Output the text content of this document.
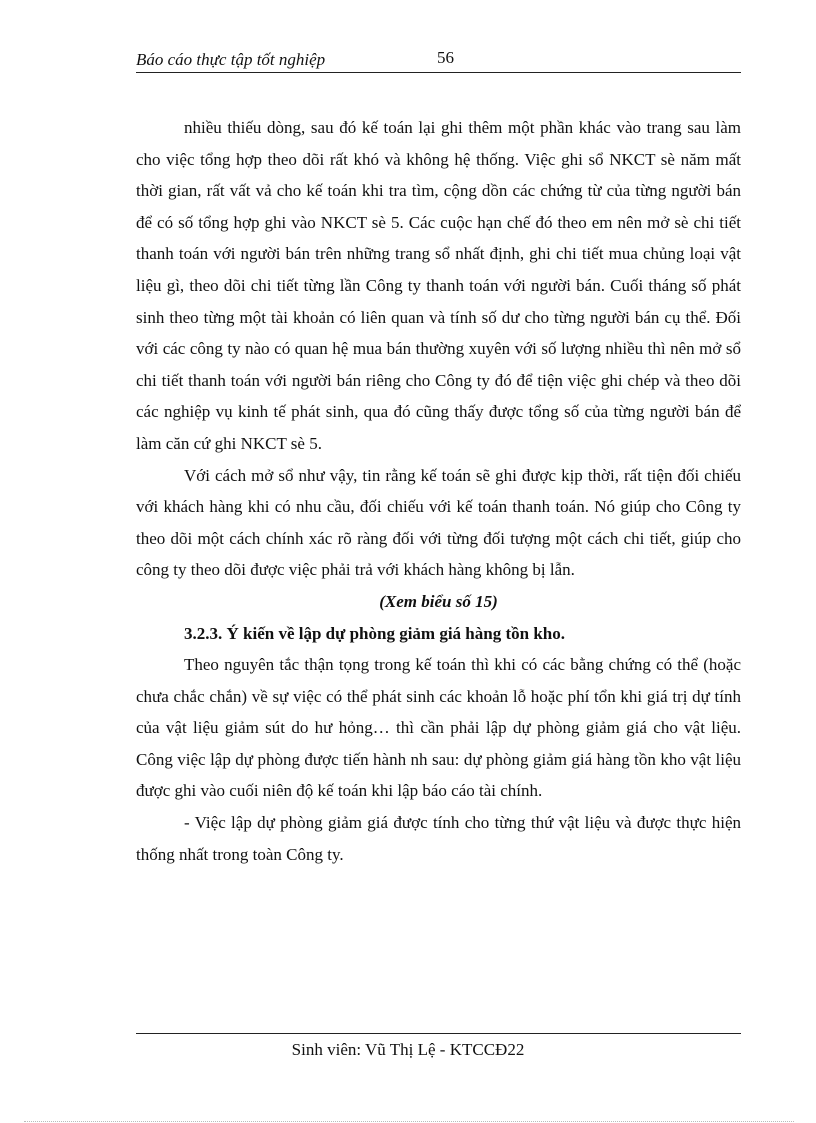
Báo cáo thực tập tốt nghiệp	56

nhiều thiếu dòng, sau đó kế toán lại ghi thêm một phần khác vào trang sau làm cho việc tổng hợp theo dõi rất khó và không hệ thống. Việc ghi sổ NKCT sè năm mất thời gian, rất vất vả cho kế toán khi tra tìm, cộng dồn các chứng từ của từng người bán để có số tổng hợp ghi vào NKCT sè 5. Các cuộc hạn chế đó theo em nên mở sè chi tiết thanh toán với người bán trên những trang sổ nhất định, ghi chi tiết mua chủng loại vật liệu gì, theo dõi chi tiết từng lần Công ty thanh toán với người bán. Cuối tháng số phát sinh theo từng một tài khoản có liên quan và tính số dư cho từng người bán cụ thể. Đối với các công ty nào có quan hệ mua bán thường xuyên với số lượng nhiều thì nên mở sổ chi tiết thanh toán với người bán riêng cho Công ty đó để tiện việc ghi chép và theo dõi các nghiệp vụ kinh tế phát sinh, qua đó cũng thấy được tổng số của từng người bán để làm căn cứ ghi NKCT sè 5.

Với cách mở sổ như vậy, tin rằng kế toán sẽ ghi được kịp thời, rất tiện đối chiếu với khách hàng khi có nhu cầu, đối chiếu với kế toán thanh toán. Nó giúp cho Công ty theo dõi một cách chính xác rõ ràng đối với từng đối tượng một cách chi tiết, giúp cho công ty theo dõi được việc phải trả với khách hàng không bị lẫn.

(Xem biểu số 15)

3.2.3. Ý kiến về lập dự phòng giảm giá hàng tồn kho.

Theo nguyên tắc thận tọng trong kế toán thì khi có các bằng chứng có thể (hoặc chưa chắc chắn) về sự việc có thể phát sinh các khoản lỗ hoặc phí tổn khi giá trị dự tính của vật liệu giảm sút do hư hỏng… thì cần phải lập dự phòng giảm giá cho vật liệu. Công việc lập dự phòng được tiến hành nh sau: dự phòng giảm giá hàng tồn kho vật liệu được ghi vào cuối niên độ kế toán khi lập báo cáo tài chính.

- Việc lập dự phòng giảm giá được tính cho từng thứ vật liệu và được thực hiện thống nhất trong toàn Công ty.

Sinh viên: Vũ Thị Lệ - KTCCĐ22
